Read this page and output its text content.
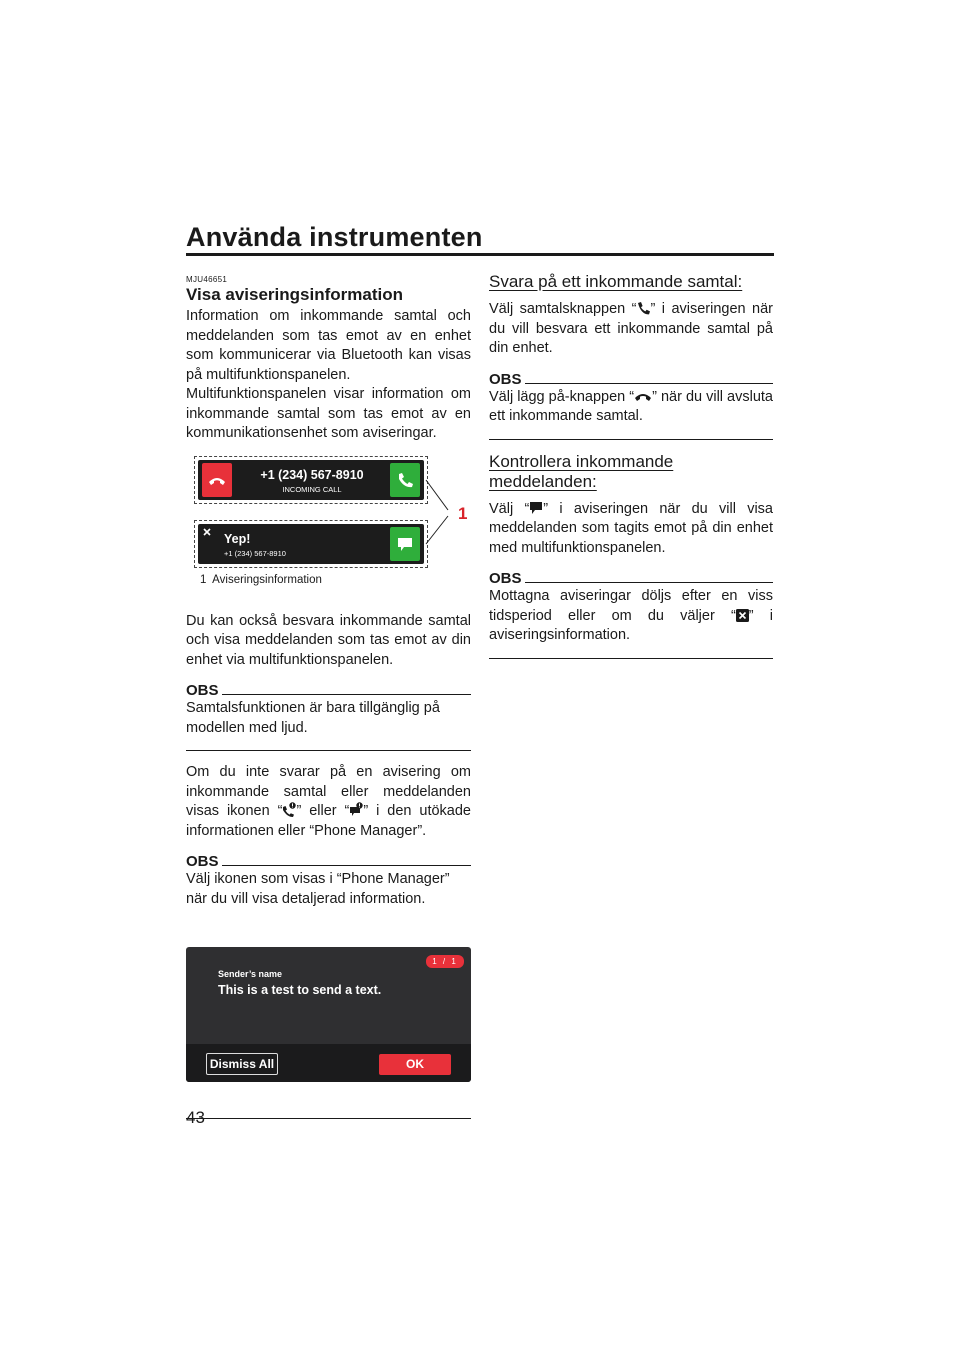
Använda instrumenten
MJU46651
Visa aviseringsinformation

Information om inkommande samtal och meddelanden som tas emot av en enhet som kommunicerar via Bluetooth kan visas på multifunktionspanelen.

Multifunktionspanelen visar information om inkommande samtal som tas emot av en kommunikationsenhet som aviseringar.

+1 (234) 567-8910
INCOMING CALL
Yep!
+1 (234) 567-8910
1
1 Aviseringsinformation

Du kan också besvara inkommande samtal och visa meddelanden som tas emot av din enhet via multifunktionspanelen.

OBS

Samtalsfunktionen är bara tillgänglig på modellen med ljud.

Om du inte svarar på en avisering om inkommande samtal eller meddelanden visas ikonen “ ” eller “ ” i den utökade informationen eller “Phone Manager”.

OBS

Välj ikonen som visas i “Phone Manager” när du vill visa detaljerad information.

1 / 1
Sender’s name
This is a test to send a text.
Dismiss All	OK
Svara på ett inkommande samtal:

Välj samtalsknappen “ ” i aviseringen när du vill besvara ett inkommande samtal på din enhet.

OBS

Välj lägg på-knappen “ ” när du vill avsluta ett inkommande samtal.

Kontrollera inkommande meddelanden:

Välj “ ” i aviseringen när du vill visa meddelanden som tagits emot på din enhet med multifunktionspanelen.

OBS

Mottagna aviseringar döljs efter en viss tidsperiod eller om du väljer “ ” i aviseringsinformation.

43
